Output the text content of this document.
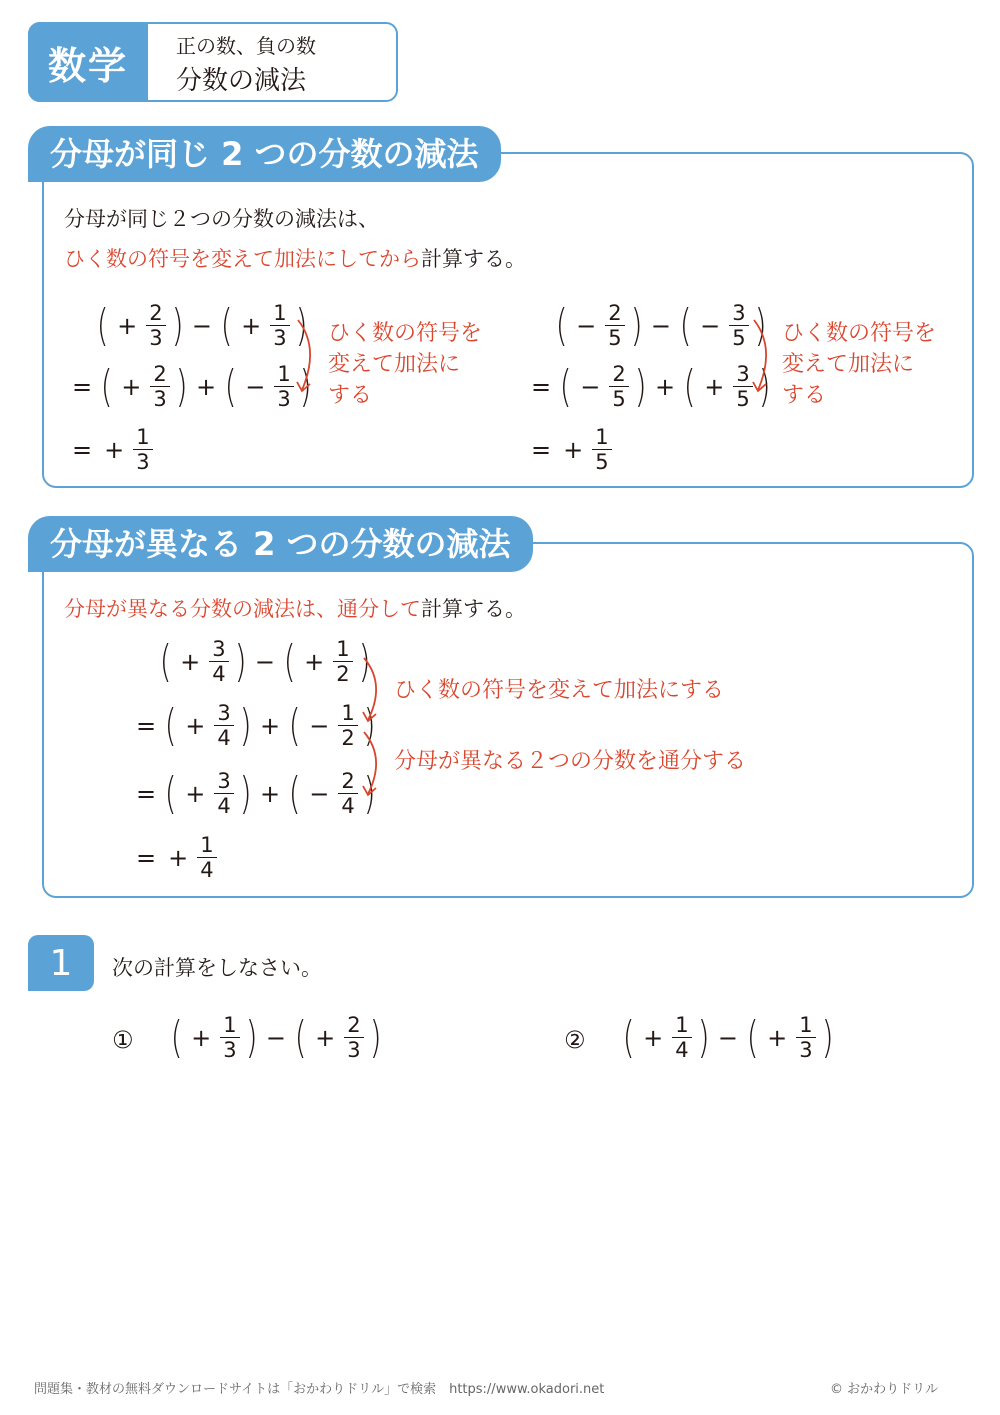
数学	正の数、負の数
分数の減法
分母が同じ 2 つの分数の減法
分母が同じ２つの分数の減法は、
ひく数の符号を変えて加法にしてから計算する。
( + $\frac{2}{3}$ ) − ( + $\frac{1}{3}$ )
= ( + $\frac{2}{3}$ ) + ( − $\frac{1}{3}$ )
= + $\frac{1}{3}$
ひく数の符号を
変えて加法に
する
( − $\frac{2}{5}$ ) − ( − $\frac{3}{5}$ )
= ( − $\frac{2}{5}$ ) + ( + $\frac{3}{5}$ )
= + $\frac{1}{5}$
ひく数の符号を
変えて加法に
する
分母が異なる 2 つの分数の減法
分母が異なる分数の減法は、通分して計算する。
( + $\frac{3}{4}$ ) − ( + $\frac{1}{2}$ )
= ( + $\frac{3}{4}$ ) + ( − $\frac{1}{2}$ )
= ( + $\frac{3}{4}$ ) + ( − $\frac{2}{4}$ )
= + $\frac{1}{4}$
ひく数の符号を変えて加法にする
分母が異なる２つの分数を通分する
1	次の計算をしなさい。
① ( + $\frac{1}{3}$ ) − ( + $\frac{2}{3}$ )	② ( + $\frac{1}{4}$ ) − ( + $\frac{1}{3}$ )
問題集・教材の無料ダウンロードサイトは「おかわりドリル」で検索　https://www.okadori.net	© おかわりドリル
